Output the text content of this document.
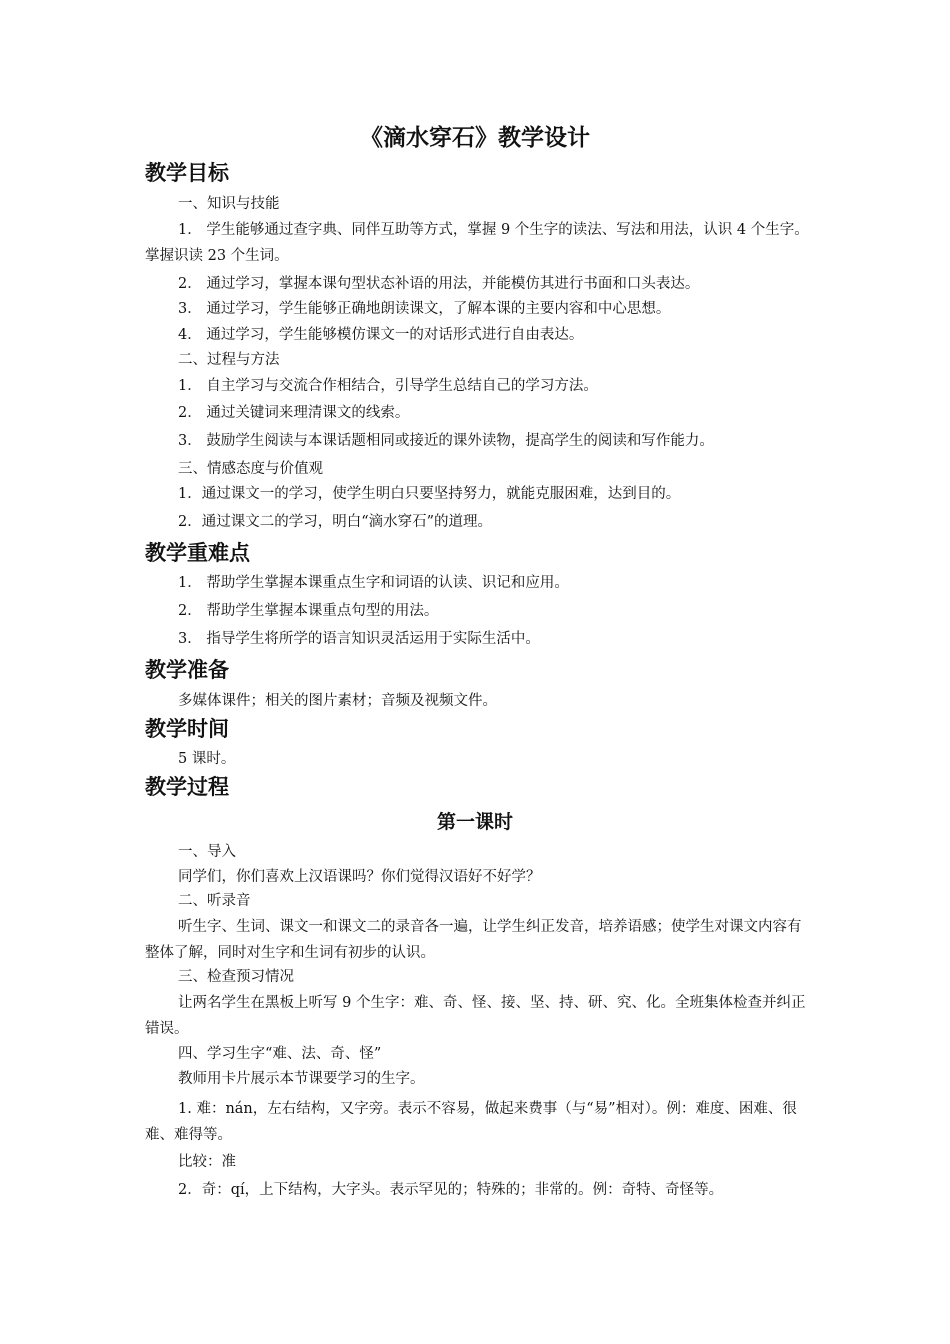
《滴水穿石》教学设计
教学目标
一、知识与技能
1． 学生能够通过查字典、同伴互助等方式，掌握 9 个生字的读法、写法和用法，认识 4 个生字。掌握识读 23 个生词。
2． 通过学习，掌握本课句型状态补语的用法，并能模仿其进行书面和口头表达。
3． 通过学习，学生能够正确地朗读课文，了解本课的主要内容和中心思想。
4． 通过学习，学生能够模仿课文一的对话形式进行自由表达。
二、过程与方法
1． 自主学习与交流合作相结合，引导学生总结自己的学习方法。
2． 通过关键词来理清课文的线索。
3． 鼓励学生阅读与本课话题相同或接近的课外读物，提高学生的阅读和写作能力。
三、情感态度与价值观
1．通过课文一的学习，使学生明白只要坚持努力，就能克服困难，达到目的。
2．通过课文二的学习，明白“滴水穿石”的道理。
教学重难点
1． 帮助学生掌握本课重点生字和词语的认读、识记和应用。
2． 帮助学生掌握本课重点句型的用法。
3． 指导学生将所学的语言知识灵活运用于实际生活中。
教学准备
多媒体课件；相关的图片素材；音频及视频文件。
教学时间
5 课时。
教学过程
第一课时
一、导入
同学们，你们喜欢上汉语课吗？你们觉得汉语好不好学？
二、听录音
听生字、生词、课文一和课文二的录音各一遍，让学生纠正发音，培养语感；使学生对课文内容有整体了解，同时对生字和生词有初步的认识。
三、检查预习情况
让两名学生在黑板上听写 9 个生字：难、奇、怪、接、坚、持、研、究、化。全班集体检查并纠正错误。
四、学习生字“难、法、奇、怪”
教师用卡片展示本节课要学习的生字。
1. 难：nán，左右结构，又字旁。表示不容易，做起来费事（与“易”相对）。例：难度、困难、很难、难得等。
比较：准
2．奇：qí，上下结构，大字头。表示罕见的；特殊的；非常的。例：奇特、奇怪等。
